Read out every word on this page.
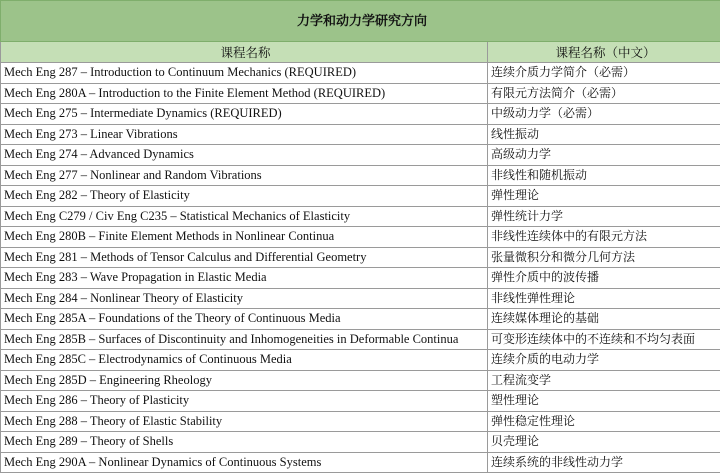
力学和动力学研究方向	
课程名称	课程名称（中文）
Mech Eng 287 – Introduction to Continuum Mechanics (REQUIRED)	连续介质力学简介（必需）
Mech Eng 280A – Introduction to the Finite Element Method (REQUIRED)	有限元方法简介（必需）
Mech Eng 275 – Intermediate Dynamics (REQUIRED)	中级动力学（必需）
Mech Eng 273 – Linear Vibrations	线性振动
Mech Eng 274 – Advanced Dynamics	高级动力学
Mech Eng 277 – Nonlinear and Random Vibrations	非线性和随机振动
Mech Eng 282 – Theory of Elasticity	弹性理论
Mech Eng C279 / Civ Eng C235 – Statistical Mechanics of Elasticity	弹性统计力学
Mech Eng 280B – Finite Element Methods in Nonlinear Continua	非线性连续体中的有限元方法
Mech Eng 281 – Methods of Tensor Calculus and Differential Geometry	张量微积分和微分几何方法
Mech Eng 283 – Wave Propagation in Elastic Media	弹性介质中的波传播
Mech Eng 284 – Nonlinear Theory of Elasticity	非线性弹性理论
Mech Eng 285A – Foundations of the Theory of Continuous Media	连续媒体理论的基础
Mech Eng 285B – Surfaces of Discontinuity and Inhomogeneities in Deformable Continua	可变形连续体中的不连续和不均匀表面
Mech Eng 285C – Electrodynamics of Continuous Media	连续介质的电动力学
Mech Eng 285D – Engineering Rheology	工程流变学
Mech Eng 286 – Theory of Plasticity	塑性理论
Mech Eng 288 – Theory of Elastic Stability	弹性稳定性理论
Mech Eng 289 – Theory of Shells	贝壳理论
Mech Eng 290A – Nonlinear Dynamics of Continuous Systems	连续系统的非线性动力学
